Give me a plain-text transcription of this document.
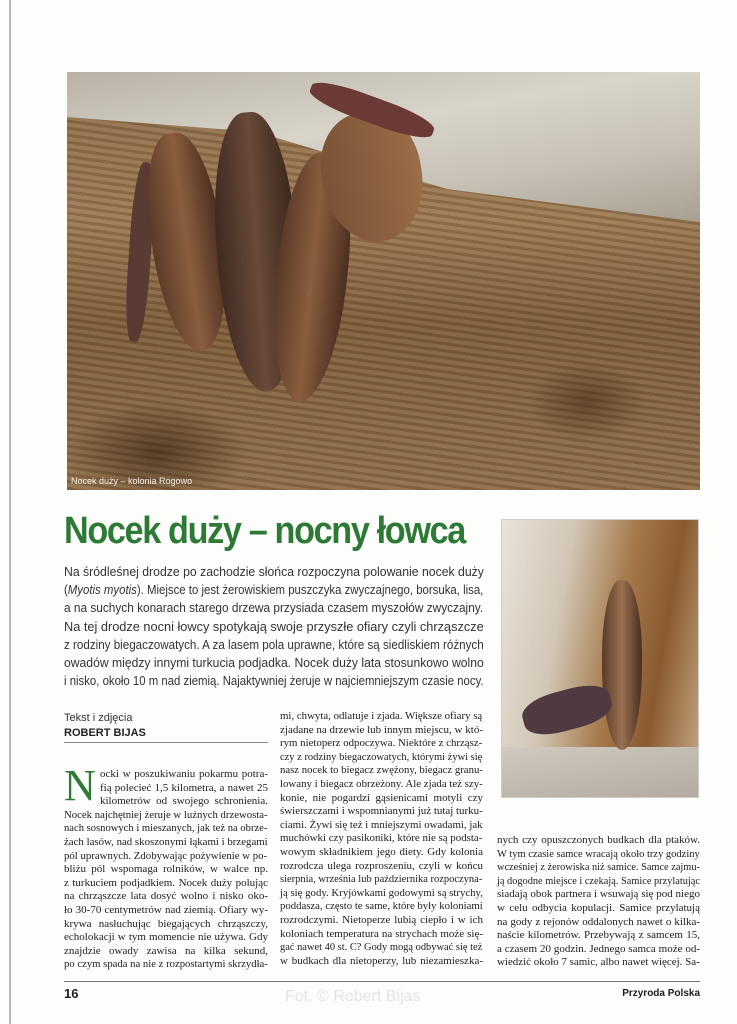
Nocek duży – kolonia Rogowo
Nocek duży – nocny łowca
Na śródleśnej drodze po zachodzie słońca rozpoczyna polowanie nocek duży
(Myotis myotis). Miejsce to jest żerowiskiem puszczyka zwyczajnego, borsuka, lisa,
a na suchych konarach starego drzewa przysiada czasem myszołów zwyczajny.
Na tej drodze nocni łowcy spotykają swoje przyszłe ofiary czyli chrząszcze
z rodziny biegaczowatych. A za lasem pola uprawne, które są siedliskiem różnych
owadów między innymi turkucia podjadka. Nocek duży lata stosunkowo wolno
i nisko, około 10 m nad ziemią. Najaktywniej żeruje w najciemniejszym czasie nocy.
Tekst i zdjęcia
ROBERT BIJAS
N ocki w poszukiwaniu pokarmu potra-
fią polecieć 1,5 kilometra, a nawet 25
kilometrów od swojego schronienia.
Nocek najchętniej żeruje w luźnych drzewosta-
nach sosnowych i mieszanych, jak też na obrze-
żach lasów, nad skoszonymi łąkami i brzegami
pól uprawnych. Zdobywając pożywienie w po-
bliżu pól wspomaga rolników, w walce np.
z turkuciem podjadkiem. Nocek duży polując
na chrząszcze lata dosyć wolno i nisko oko-
ło 30-70 centymetrów nad ziemią. Ofiary wy-
krywa nasłuchując biegających chrząszczy,
echolokacji w tym momencie nie używa. Gdy
znajdzie owady zawisa na kilka sekund,
po czym spada na nie z rozpostartymi skrzydła-
mi, chwyta, odlatuje i zjada. Większe ofiary są
zjadane na drzewie lub innym miejscu, w któ-
rym nietoperz odpoczywa. Niektóre z chrząsz-
czy z rodziny biegaczowatych, którymi żywi się
nasz nocek to biegacz zwężony, biegacz granu-
lowany i biegacz obrzeżony. Ale zjada też szy-
konie, nie pogardzi gąsienicami motyli czy
świerszczami i wspomnianymi już tutaj turku-
ciami. Żywi się też i mniejszymi owadami, jak
muchówki czy pasikoniki, które nie są podsta-
wowym składnikiem jego diety. Gdy kolonia
rozrodcza ulega rozproszeniu, czyli w końcu
sierpnia, września lub października rozpoczyna-
ją się gody. Kryjówkami godowymi są strychy,
poddasza, często te same, które były koloniami
rozrodczymi. Nietoperze lubią ciepło i w ich
koloniach temperatura na strychach może się-
gać nawet 40 st. C? Gody mogą odbywać się też
w budkach dla nietoperzy, lub niezamieszka-
nych czy opuszczonych budkach dla ptaków.
W tym czasie samce wracają około trzy godziny
wcześniej z żerowiska niż samice. Samce zajmu-
ją dogodne miejsce i czekają. Samice przylatując
siadają obok partnera i wsuwają się pod niego
w celu odbycia kopulacji. Samice przylatują
na gody z rejonów oddalonych nawet o kilka-
naście kilometrów. Przebywają z samcem 15,
a czasem 20 godzin. Jednego samca może od-
wiedzić około 7 samic, albo nawet więcej. Sa-
16	Fot. © Robert Bijas	Przyroda Polska
